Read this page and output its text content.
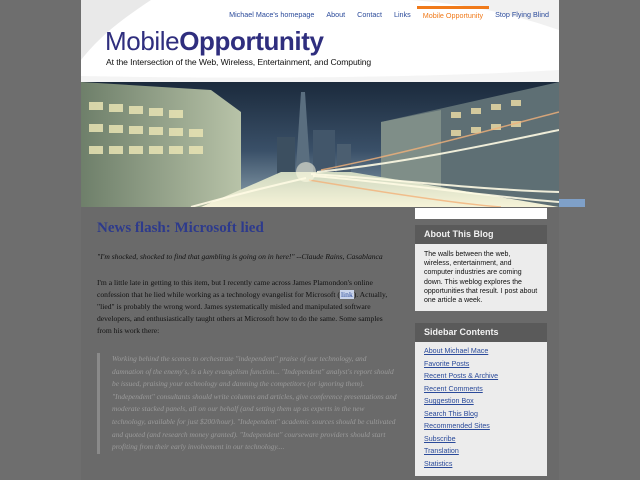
Michael Mace's homepage	About	Contact	Links	Mobile Opportunity	Stop Flying Blind
MobileOpportunity
At the Intersection of the Web, Wireless, Entertainment, and Computing
News flash: Microsoft lied

"I'm shocked, shocked to find that gambling is going on in here!" --Claude Rains, Casablanca

I'm a little late in getting to this item, but I recently came across James Plamondon's online confession that he lied while working as a technology evangelist for Microsoft (link). Actually, "lied" is probably the wrong word. James systematically misled and manipulated software developers, and enthusiastically taught others at Microsoft how to do the same. Some samples from his work there:

Working behind the scenes to orchestrate "independent" praise of our technology, and damnation of the enemy's, is a key evangelism function... "Independent" analyst's report should be issued, praising your technology and damning the competitors (or ignoring them). "Independent" consultants should write columns and articles, give conference presentations and moderate stacked panels, all on our behalf (and setting them up as experts in the new technology, available for just $200/hour). "Independent" academic sources should be cultivated and quoted (and research money granted). "Independent" courseware providers should start profiting from their early involvement in our technology....
About This Blog
The walls between the web, wireless, entertainment, and computer industries are coming down. This weblog explores the opportunities that result. I post about one article a week.
Sidebar Contents
About Michael Mace
Favorite Posts
Recent Posts & Archive
Recent Comments
Suggestion Box
Search This Blog
Recommended Sites
Subscribe
Translation
Statistics
